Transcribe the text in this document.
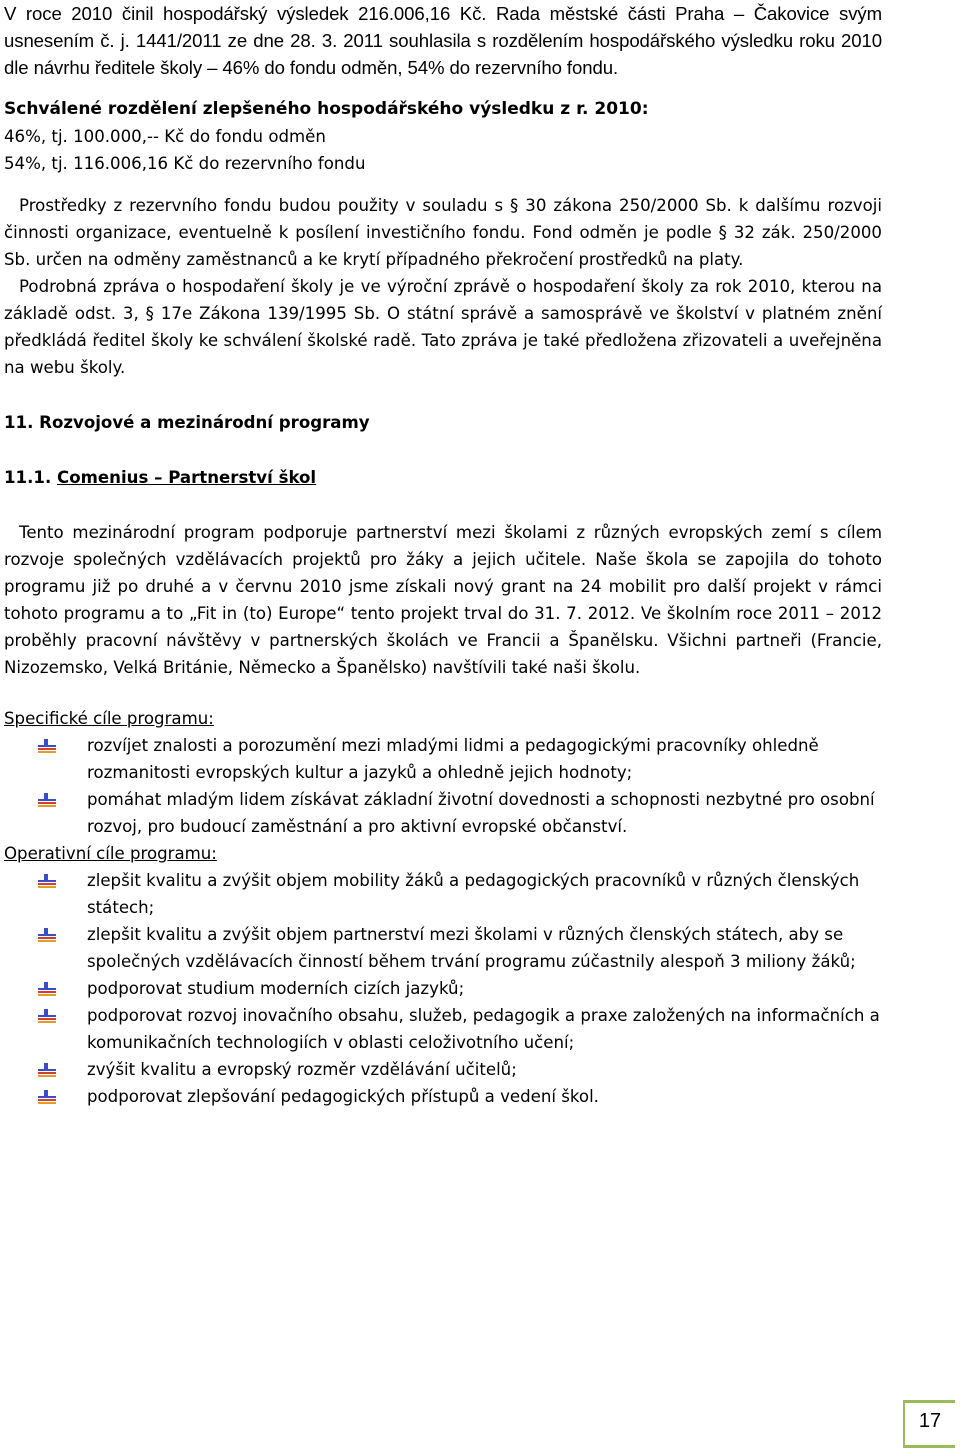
V roce 2010 činil hospodářský výsledek 216.006,16 Kč. Rada městské části Praha – Čakovice svým usnesením č. j. 1441/2011 ze dne 28. 3. 2011 souhlasila s rozdělením hospodářského výsledku roku 2010 dle návrhu ředitele školy – 46% do fondu odměn, 54% do rezervního fondu.

Schválené rozdělení zlepšeného hospodářského výsledku z r. 2010:

46%, tj. 100.000,-- Kč do fondu odměn

54%, tj. 116.006,16 Kč do rezervního fondu

Prostředky z rezervního fondu budou použity v souladu s § 30 zákona 250/2000 Sb. k dalšímu rozvoji činnosti organizace, eventuelně k posílení investičního fondu. Fond odměn je podle § 32 zák. 250/2000 Sb. určen na odměny zaměstnanců a ke krytí případného překročení prostředků na platy.

Podrobná zpráva o hospodaření školy je ve výroční zprávě o hospodaření školy za rok 2010, kterou na základě odst. 3, § 17e Zákona 139/1995 Sb. O státní správě a samosprávě ve školství v platném znění předkládá ředitel školy ke schválení školské radě. Tato zpráva je také předložena zřizovateli a uveřejněna na webu školy.

11. Rozvojové a mezinárodní programy

11.1. Comenius – Partnerství škol

Tento mezinárodní program podporuje partnerství mezi školami z různých evropských zemí s cílem rozvoje společných vzdělávacích projektů pro žáky a jejich učitele. Naše škola se zapojila do tohoto programu již po druhé a v červnu 2010 jsme získali nový grant na 24 mobilit pro další projekt v rámci tohoto programu a to „Fit in (to) Europe“ tento projekt trval do 31. 7. 2012. Ve školním roce 2011 – 2012 proběhly pracovní návštěvy v partnerských školách ve Francii a Španělsku. Všichni partneři (Francie, Nizozemsko, Velká Británie, Německo a Španělsko) navštívili také naši školu.

Specifické cíle programu:

rozvíjet znalosti a porozumění mezi mladými lidmi a pedagogickými pracovníky ohledně rozmanitosti evropských kultur a jazyků a ohledně jejich hodnoty;
pomáhat mladým lidem získávat základní životní dovednosti a schopnosti nezbytné pro osobní rozvoj, pro budoucí zaměstnání a pro aktivní evropské občanství.

Operativní cíle programu:

zlepšit kvalitu a zvýšit objem mobility žáků a pedagogických pracovníků v různých členských státech;
zlepšit kvalitu a zvýšit objem partnerství mezi školami v různých členských státech, aby se společných vzdělávacích činností během trvání programu zúčastnily alespoň 3 miliony žáků;
podporovat studium moderních cizích jazyků;
podporovat rozvoj inovačního obsahu, služeb, pedagogik a praxe založených na informačních a komunikačních technologiích v oblasti celoživotního učení;
zvýšit kvalitu a evropský rozměr vzdělávání učitelů;
podporovat zlepšování pedagogických přístupů a vedení škol.
17
